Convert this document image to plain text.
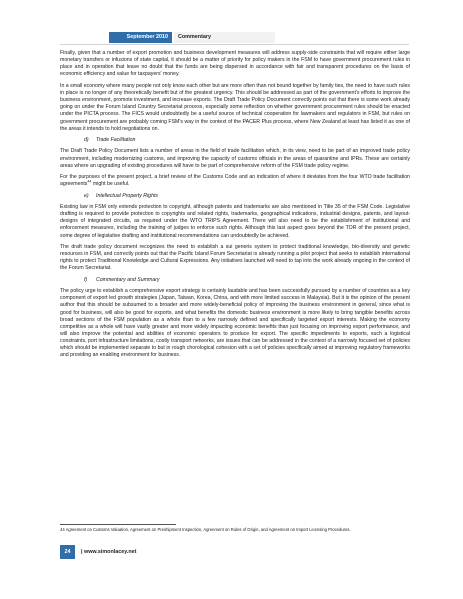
September 2010	Commentary

Finally, given that a number of export promotion and business development measures will address supply-side constraints that will require either large monetary transfers or infusions of state capital, it should be a matter of priority for policy makers in the FSM to have government procurement rules in place and in operation that leave no doubt that the funds are being dispersed in accordance with fair and transparent procedures on the basis of economic efficiency and value for taxpayers' money.

In a small economy where many people not only know each other but are more often than not bound together by family ties, the need to have such rules in place is no longer of any theoretically benefit but of the greatest urgency. This should be addressed as part of the government's efforts to improve the business environment, promote investment, and increase exports. The Draft Trade Policy Document correctly points out that there is some work already going on under the Forum Island Country Secretariat process, especially some reflection on whether government procurement rules should be enacted under the PICTA process. The FICS would undoubtedly be a useful source of technical cooperation for lawmakers and regulators in FSM, but rules on government procurement are probably coming FSM's way in the context of the PACER Plus process, where New Zealand at least has listed it as one of the areas it intends to hold negotiations on.

d) Trade Facilitation

The Draft Trade Policy Document lists a number of areas in the field of trade facilitation which, in its view, need to be part of an improved trade policy environment, including modernizing customs, and improving the capacity of customs officials in the areas of quarantine and IPRs. These are certainly areas where an upgrading of existing procedures will have to be part of comprehensive reform of the FSM trade policy regime.

For the purposes of the present project, a brief review of the Customs Code and an indication of where it deviates from the four WTO trade facilitation agreements$^{44}$ might be useful.

e) Intellectual Property Rights

Existing law in FSM only extends protection to copyright, although patents and trademarks are also mentioned in Title 35 of the FSM Code. Legislative drafting is required to provide protection to copyrights and related rights, trademarks, geographical indications, industrial designs, patents, and layout-designs of integrated circuits, as required under the WTO TRIPS Agreement. There will also need to be the establishment of institutional and enforcement measures, including the training of judges to enforce such rights. Although this last aspect goes beyond the TOR of the present project, some degree of legislative drafting and institutional recommendations can undoubtedly be achieved.

The draft trade policy document recognizes the need to establish a sui generis system to protect traditional knowledge, bio-diversity and genetic resources in FSM, and correctly points out that the Pacific Island Forum Secretariat is already running a pilot project that seeks to establish international rights to protect Traditional Knowledge and Cultural Expressions. Any initiatives launched will need to tap into the work already ongoing in the context of the Forum Secretariat.

f) Commentary and Summary

The policy urge to establish a comprehensive export strategy is certainly laudable and has been successfully pursued by a number of countries as a key component of export led growth strategies (Japan, Taiwan, Korea, China, and with more limited success in Malaysia). But it is the opinion of the present author that this should be subsumed to a broader and more widely-beneficial policy of improving the business environment in general, since what is good for business, will also be good for exports, and what benefits the domestic business environment is more likely to bring tangible benefits across broad sections of the FSM population as a whole than to a few narrowly defined and specifically targeted export interests. Making the economy competitive as a whole will have vastly greater and more widely impacting economic benefits than just focusing on improving export performance, and will also improve the potential and abilities of economic operators to produce for export. The specific impediments to exports, such a logistical constraints, port infrastructure limitations, costly transport networks, are issues that can be addressed in the context of a narrowly focused set of policies which should be implemented separate to but in rough chorological cohesion with a set of policies specifically aimed at improving regulatory frameworks and providing an enabling environment for business.

44 Agreement on Customs Valuation, Agreement on Preshipment Inspection, Agreement on Rules of Origin, and Agreement on Import Licensing Procedures.
24	| www.simonlacey.net
